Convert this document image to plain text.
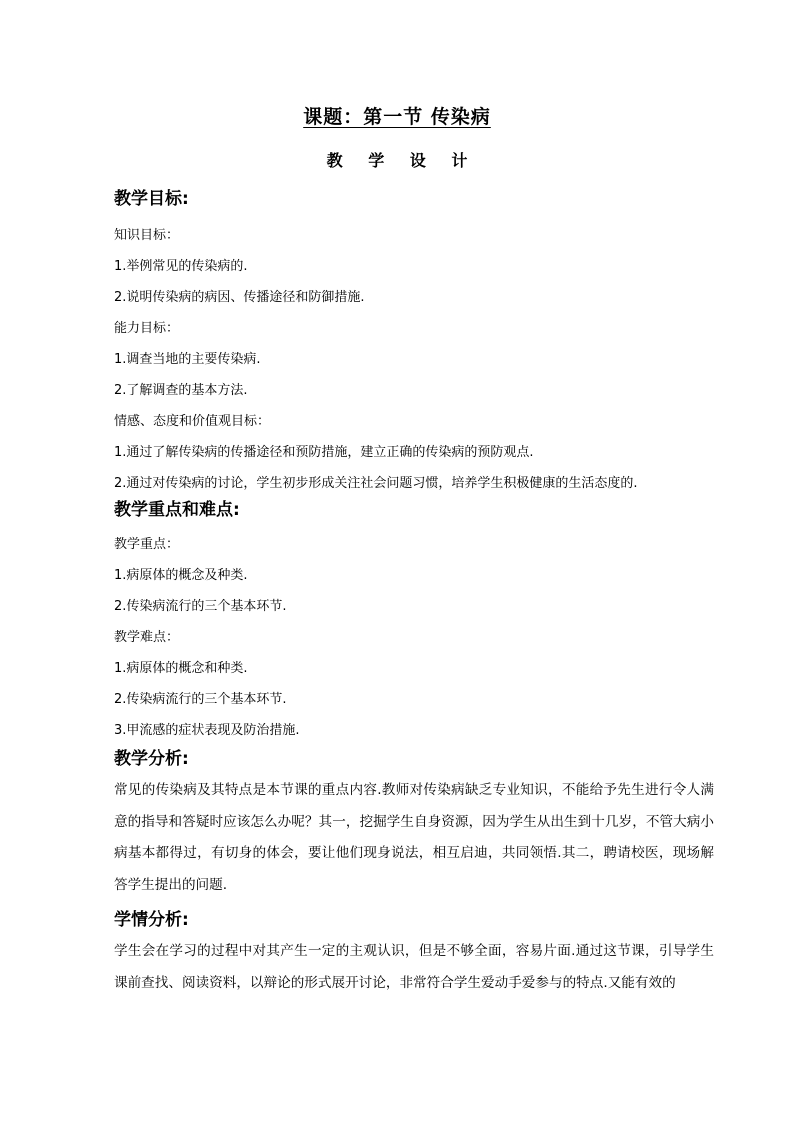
课题：第一节 传染病
教 学 设 计
教学目标:

知识目标：

1.举例常见的传染病的.

2.说明传染病的病因、传播途径和防御措施.

能力目标：

1.调查当地的主要传染病.

2.了解调查的基本方法.

情感、态度和价值观目标：

1.通过了解传染病的传播途径和预防措施，建立正确的传染病的预防观点.

2.通过对传染病的讨论，学生初步形成关注社会问题习惯，培养学生积极健康的生活态度的.

教学重点和难点:

教学重点：

1.病原体的概念及种类.

2.传染病流行的三个基本环节.

教学难点：

1.病原体的概念和种类.

2.传染病流行的三个基本环节.

3.甲流感的症状表现及防治措施.

教学分析:

常见的传染病及其特点是本节课的重点内容.教师对传染病缺乏专业知识，不能给予先生进行令人满意的指导和答疑时应该怎么办呢？其一，挖掘学生自身资源，因为学生从出生到十几岁，不管大病小病基本都得过，有切身的体会，要让他们现身说法，相互启迪，共同领悟.其二，聘请校医，现场解答学生提出的问题.

学情分析:

学生会在学习的过程中对其产生一定的主观认识，但是不够全面，容易片面.通过这节课，引导学生课前查找、阅读资料，以辩论的形式展开讨论，非常符合学生爱动手爱参与的特点.又能有效的
